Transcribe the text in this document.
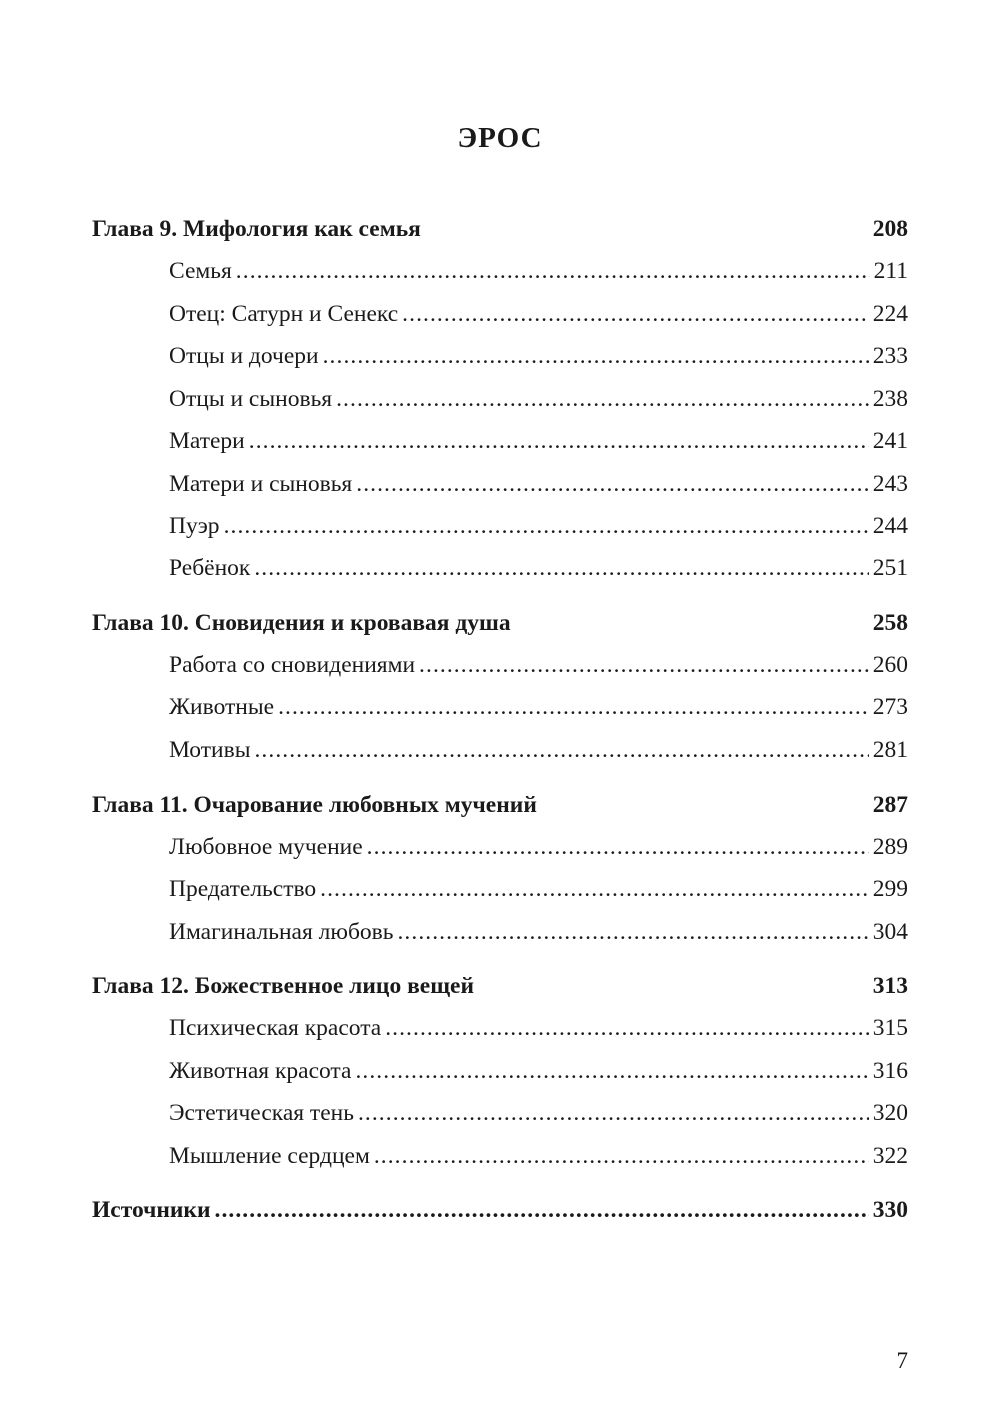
ЭРОС
Глава 9. Мифология как семья	208
Семья . . .	211
Отец: Сатурн и Сенекс . . .	224
Отцы и дочери . . .	233
Отцы и сыновья . . .	238
Матери . . .	241
Матери и сыновья . . .	243
Пуэр . . .	244
Ребёнок . . .	251
Глава 10. Сновидения и кровавая душа	258
Работа со сновидениями . . .	260
Животные . . .	273
Мотивы . . .	281
Глава 11. Очарование любовных мучений	287
Любовное мучение . . .	289
Предательство . . .	299
Имагинальная любовь . . .	304
Глава 12. Божественное лицо вещей	313
Психическая красота . . .	315
Животная красота . . .	316
Эстетическая тень . . .	320
Мышление сердцем . . .	322
Источники . . .	330
7
